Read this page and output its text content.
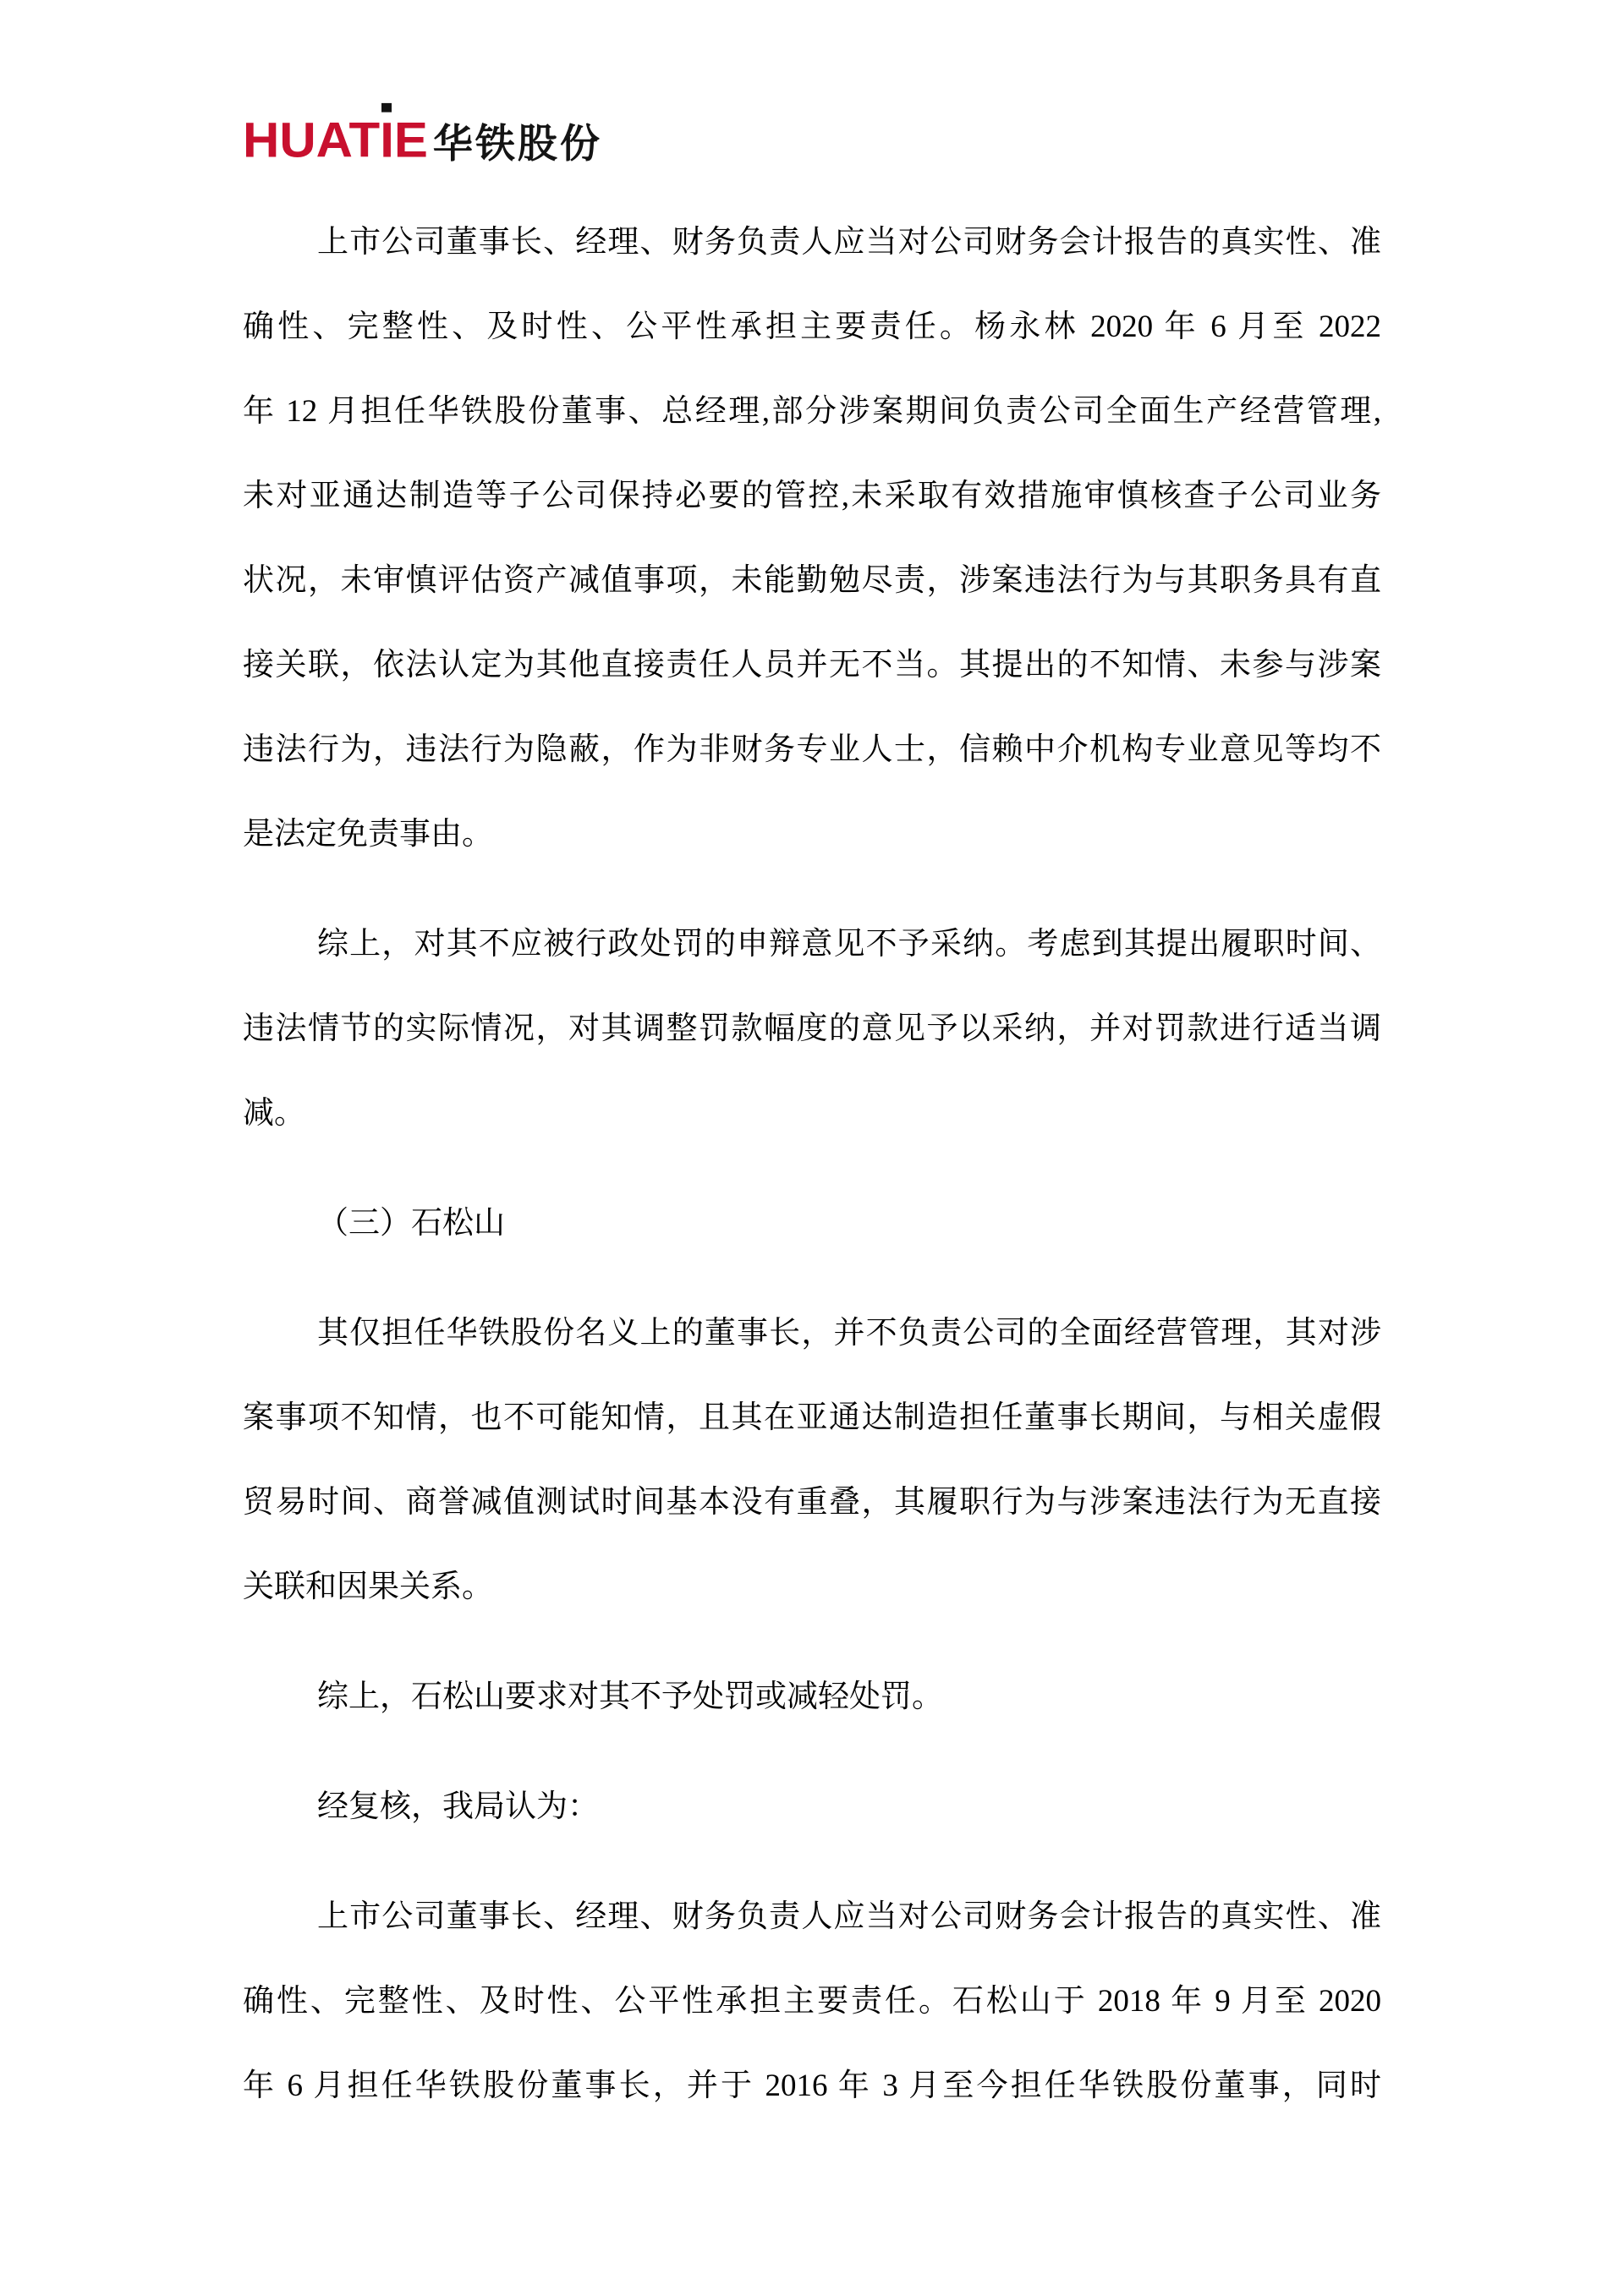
HUATI
E 华铁股份

上市公司董事长、经理、财务负责人应当对公司财务会计报告的真实性、准
确性、完整性、及时性、公平性承担主要责任。杨永林 2020 年 6 月至 2022
年 12 月担任华铁股份董事、总经理,部分涉案期间负责公司全面生产经营管理,
未对亚通达制造等子公司保持必要的管控,未采取有效措施审慎核查子公司业务
状况，未审慎评估资产减值事项，未能勤勉尽责，涉案违法行为与其职务具有直
接关联，依法认定为其他直接责任人员并无不当。其提出的不知情、未参与涉案
违法行为，违法行为隐蔽，作为非财务专业人士，信赖中介机构专业意见等均不
是法定免责事由。

综上，对其不应被行政处罚的申辩意见不予采纳。考虑到其提出履职时间、
违法情节的实际情况，对其调整罚款幅度的意见予以采纳，并对罚款进行适当调
减。

（三）石松山

其仅担任华铁股份名义上的董事长，并不负责公司的全面经营管理，其对涉
案事项不知情，也不可能知情，且其在亚通达制造担任董事长期间，与相关虚假
贸易时间、商誉减值测试时间基本没有重叠，其履职行为与涉案违法行为无直接
关联和因果关系。

综上，石松山要求对其不予处罚或减轻处罚。

经复核，我局认为：

上市公司董事长、经理、财务负责人应当对公司财务会计报告的真实性、准
确性、完整性、及时性、公平性承担主要责任。石松山于 2018 年 9 月至 2020
年 6 月担任华铁股份董事长，并于 2016 年 3 月至今担任华铁股份董事，同时
